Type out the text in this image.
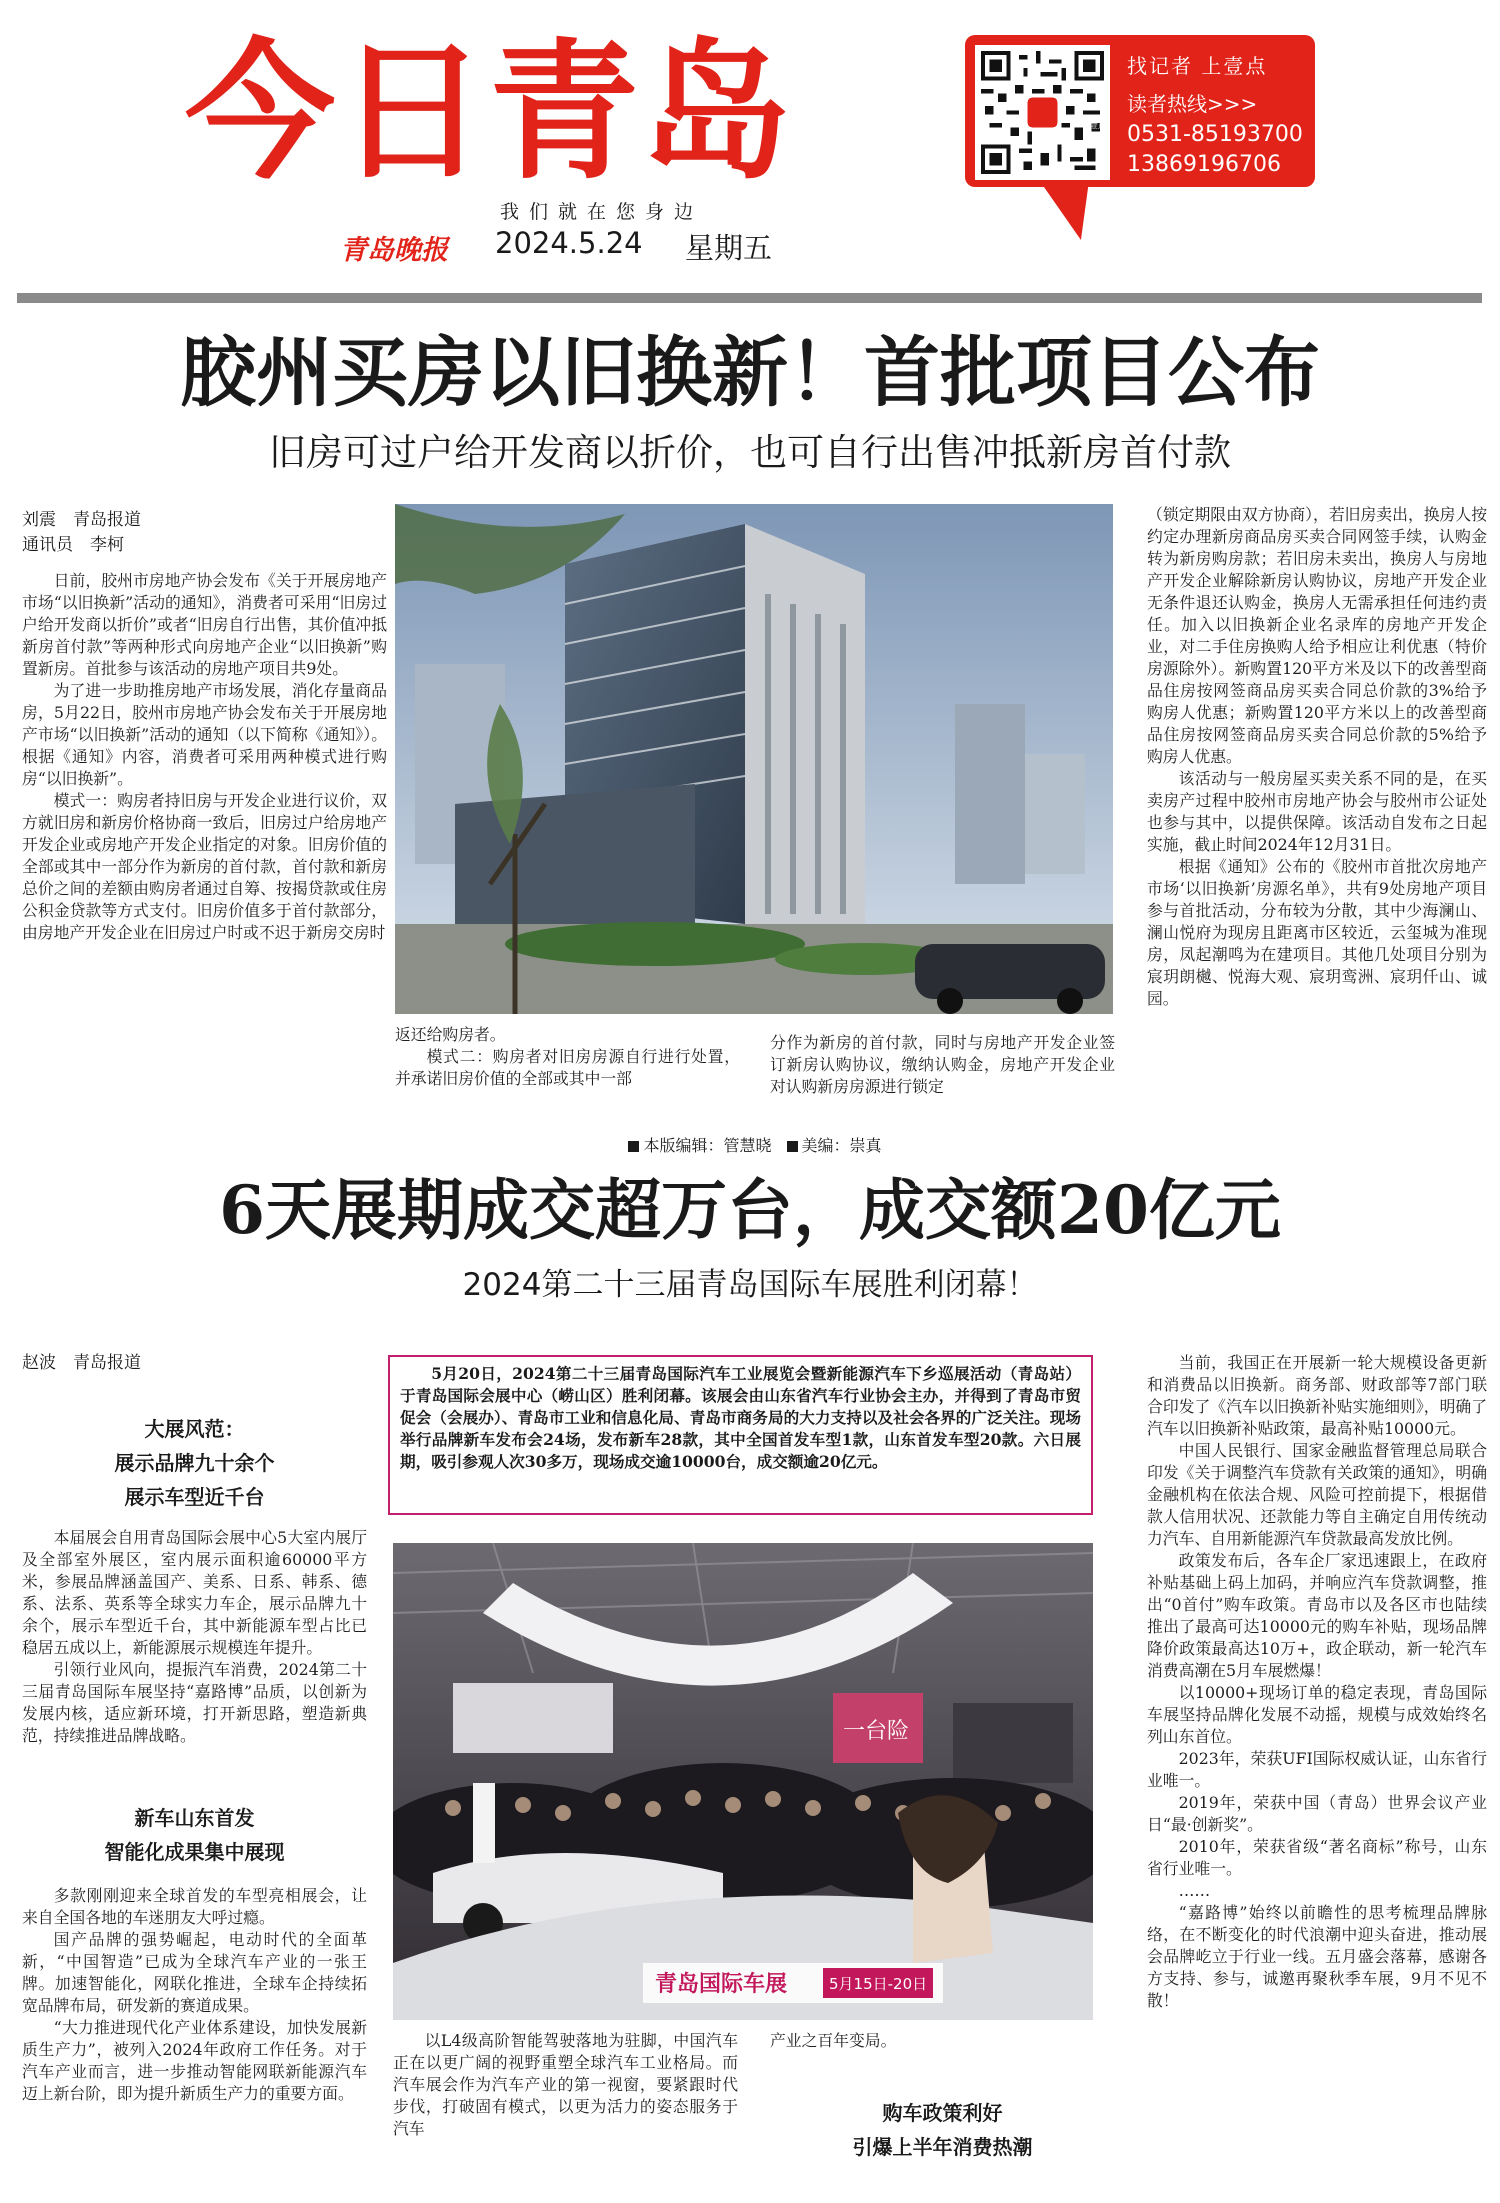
今日青岛
我们就在您身边
青岛晚报 2024.5.24 星期五
找记者 上壹点
读者热线>>>
0531-85193700
13869196706
胶州买房以旧换新！首批项目公布
旧房可过户给开发商以折价，也可自行出售冲抵新房首付款
刘震　青岛报道
通讯员　李柯

日前，胶州市房地产协会发布《关于开展房地产市场“以旧换新”活动的通知》，消费者可采用“旧房过户给开发商以折价”或者“旧房自行出售，其价值冲抵新房首付款”等两种形式向房地产企业“以旧换新”购置新房。首批参与该活动的房地产项目共9处。

为了进一步助推房地产市场发展，消化存量商品房，5月22日，胶州市房地产协会发布关于开展房地产市场“以旧换新”活动的通知（以下简称《通知》）。根据《通知》内容，消费者可采用两种模式进行购房“以旧换新”。

模式一：购房者持旧房与开发企业进行议价，双方就旧房和新房价格协商一致后，旧房过户给房地产开发企业或房地产开发企业指定的对象。旧房价值的全部或其中一部分作为新房的首付款，首付款和新房总价之间的差额由购房者通过自筹、按揭贷款或住房公积金贷款等方式支付。旧房价值多于首付款部分，由房地产开发企业在旧房过户时或不迟于新房交房时

返还给购房者。

模式二：购房者对旧房房源自行进行处置，并承诺旧房价值的全部或其中一部

分作为新房的首付款，同时与房地产开发企业签订新房认购协议，缴纳认购金，房地产开发企业对认购新房房源进行锁定

（锁定期限由双方协商），若旧房卖出，换房人按约定办理新房商品房买卖合同网签手续，认购金转为新房购房款；若旧房未卖出，换房人与房地产开发企业解除新房认购协议，房地产开发企业无条件退还认购金，换房人无需承担任何违约责任。加入以旧换新企业名录库的房地产开发企业，对二手住房换购人给予相应让利优惠（特价房源除外）。新购置120平方米及以下的改善型商品住房按网签商品房买卖合同总价款的3%给予购房人优惠；新购置120平方米以上的改善型商品住房按网签商品房买卖合同总价款的5%给予购房人优惠。

该活动与一般房屋买卖关系不同的是，在买卖房产过程中胶州市房地产协会与胶州市公证处也参与其中，以提供保障。该活动自发布之日起实施，截止时间2024年12月31日。

根据《通知》公布的《胶州市首批次房地产市场‘以旧换新’房源名单》，共有9处房地产项目参与首批活动，分布较为分散，其中少海澜山、澜山悦府为现房且距离市区较近，云玺城为准现房，凤起潮鸣为在建项目。其他几处项目分别为宸玥朗樾、悦海大观、宸玥鸾洲、宸玥仟山、诚园。

本版编辑：管慧晓 美编：崇真
6天展期成交超万台，成交额20亿元
2024第二十三届青岛国际车展胜利闭幕！
赵波　青岛报道

5月20日，2024第二十三届青岛国际汽车工业展览会暨新能源汽车下乡巡展活动（青岛站）于青岛国际会展中心（崂山区）胜利闭幕。该展会由山东省汽车行业协会主办，并得到了青岛市贸促会（会展办）、青岛市工业和信息化局、青岛市商务局的大力支持以及社会各界的广泛关注。现场举行品牌新车发布会24场，发布新车28款，其中全国首发车型1款，山东首发车型20款。六日展期，吸引参观人次30多万，现场成交逾10000台，成交额逾20亿元。

大展风范：
展示品牌九十余个
展示车型近千台

本届展会自用青岛国际会展中心5大室内展厅及全部室外展区，室内展示面积逾60000平方米，参展品牌涵盖国产、美系、日系、韩系、德系、法系、英系等全球实力车企，展示品牌九十余个，展示车型近千台，其中新能源车型占比已稳居五成以上，新能源展示规模连年提升。

引领行业风向，提振汽车消费，2024第二十三届青岛国际车展坚持“嘉路博”品质，以创新为发展内核，适应新环境，打开新思路，塑造新典范，持续推进品牌战略。

新车山东首发
智能化成果集中展现

多款刚刚迎来全球首发的车型亮相展会，让来自全国各地的车迷朋友大呼过瘾。

国产品牌的强势崛起，电动时代的全面革新，“中国智造”已成为全球汽车产业的一张王牌。加速智能化，网联化推进，全球车企持续拓宽品牌布局，研发新的赛道成果。

“大力推进现代化产业体系建设，加快发展新质生产力”，被列入2024年政府工作任务。对于汽车产业而言，进一步推动智能网联新能源汽车迈上新台阶，即为提升新质生产力的重要方面。

一台险
青岛国际车展	5月15日-20日

以L4级高阶智能驾驶落地为驻脚，中国汽车正在以更广阔的视野重塑全球汽车工业格局。而汽车展会作为汽车产业的第一视窗，要紧跟时代步伐，打破固有模式，以更为活力的姿态服务于汽车

产业之百年变局。

购车政策利好
引爆上半年消费热潮

当前，我国正在开展新一轮大规模设备更新和消费品以旧换新。商务部、财政部等7部门联合印发了《汽车以旧换新补贴实施细则》，明确了汽车以旧换新补贴政策，最高补贴10000元。

中国人民银行、国家金融监督管理总局联合印发《关于调整汽车贷款有关政策的通知》，明确金融机构在依法合规、风险可控前提下，根据借款人信用状况、还款能力等自主确定自用传统动力汽车、自用新能源汽车贷款最高发放比例。

政策发布后，各车企厂家迅速跟上，在政府补贴基础上码上加码，并响应汽车贷款调整，推出“0首付”购车政策。青岛市以及各区市也陆续推出了最高可达10000元的购车补贴，现场品牌降价政策最高达10万+，政企联动，新一轮汽车消费高潮在5月车展燃爆！

以10000+现场订单的稳定表现，青岛国际车展坚持品牌化发展不动摇，规模与成效始终名列山东首位。

2023年，荣获UFI国际权威认证，山东省行业唯一。

2019年，荣获中国（青岛）世界会议产业日“最·创新奖”。

2010年，荣获省级“著名商标”称号，山东省行业唯一。

……

“嘉路博”始终以前瞻性的思考梳理品牌脉络，在不断变化的时代浪潮中迎头奋进，推动展会品牌屹立于行业一线。五月盛会落幕，感谢各方支持、参与，诚邀再聚秋季车展，9月不见不散！

壹点
青岛国际会展中心
